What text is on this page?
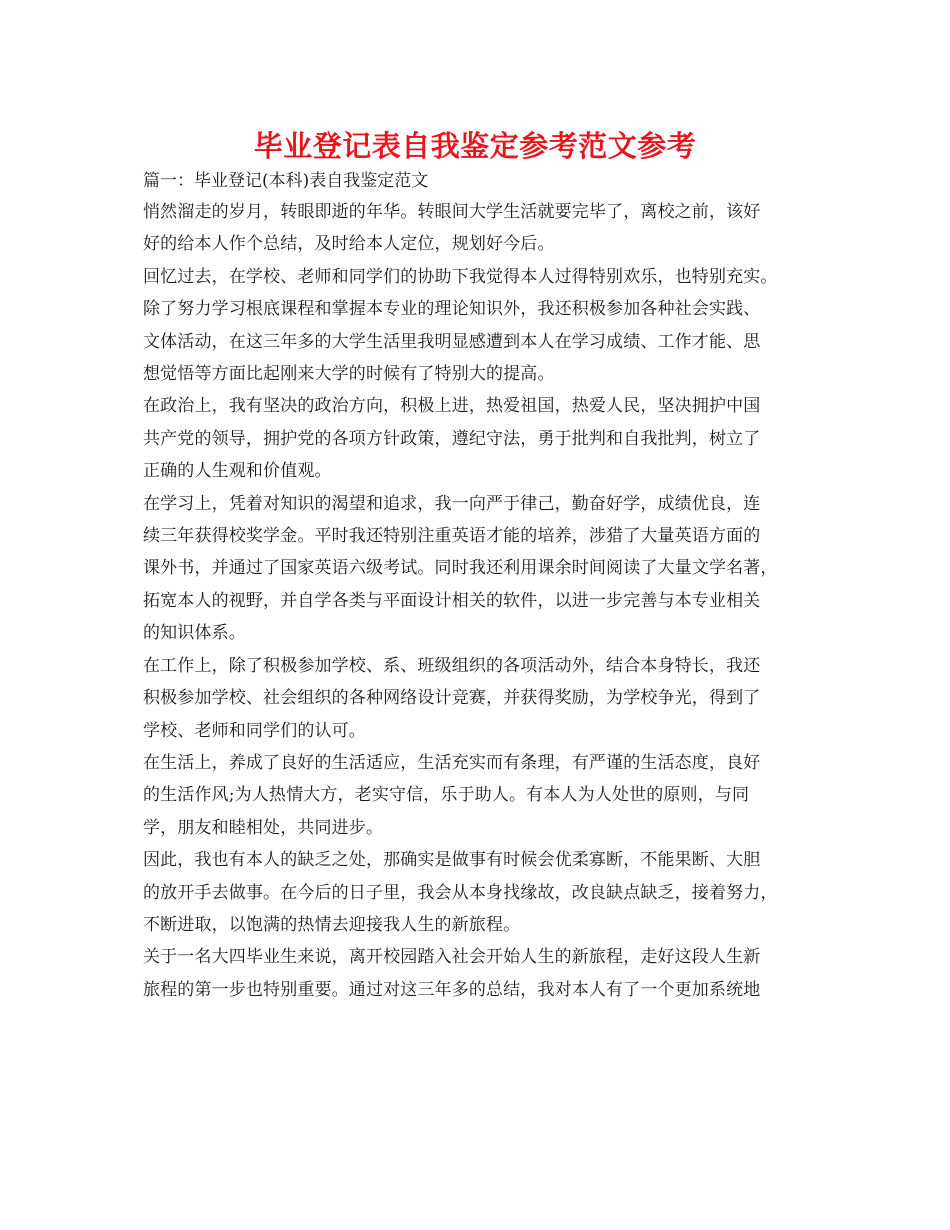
毕业登记表自我鉴定参考范文参考

篇一：毕业登记(本科)表自我鉴定范文

悄然溜走的岁月，转眼即逝的年华。转眼间大学生活就要完毕了，离校之前，该好
好的给本人作个总结，及时给本人定位，规划好今后。
回忆过去，在学校、老师和同学们的协助下我觉得本人过得特别欢乐，也特别充实。
除了努力学习根底课程和掌握本专业的理论知识外，我还积极参加各种社会实践、
文体活动，在这三年多的大学生活里我明显感遭到本人在学习成绩、工作才能、思
想觉悟等方面比起刚来大学的时候有了特别大的提高。
在政治上，我有坚决的政治方向，积极上进，热爱祖国，热爱人民，坚决拥护中国
共产党的领导，拥护党的各项方针政策，遵纪守法，勇于批判和自我批判，树立了
正确的人生观和价值观。
在学习上，凭着对知识的渴望和追求，我一向严于律己，勤奋好学，成绩优良，连
续三年获得校奖学金。平时我还特别注重英语才能的培养，涉猎了大量英语方面的
课外书，并通过了国家英语六级考试。同时我还利用课余时间阅读了大量文学名著，
拓宽本人的视野，并自学各类与平面设计相关的软件，以进一步完善与本专业相关
的知识体系。
在工作上，除了积极参加学校、系、班级组织的各项活动外，结合本身特长，我还
积极参加学校、社会组织的各种网络设计竞赛，并获得奖励，为学校争光，得到了
学校、老师和同学们的认可。
在生活上，养成了良好的生活适应，生活充实而有条理，有严谨的生活态度，良好
的生活作风;为人热情大方，老实守信，乐于助人。有本人为人处世的原则，与同
学，朋友和睦相处，共同进步。
因此，我也有本人的缺乏之处，那确实是做事有时候会优柔寡断，不能果断、大胆
的放开手去做事。在今后的日子里，我会从本身找缘故，改良缺点缺乏，接着努力，
不断进取，以饱满的热情去迎接我人生的新旅程。
关于一名大四毕业生来说，离开校园踏入社会开始人生的新旅程，走好这段人生新
旅程的第一步也特别重要。通过对这三年多的总结，我对本人有了一个更加系统地
